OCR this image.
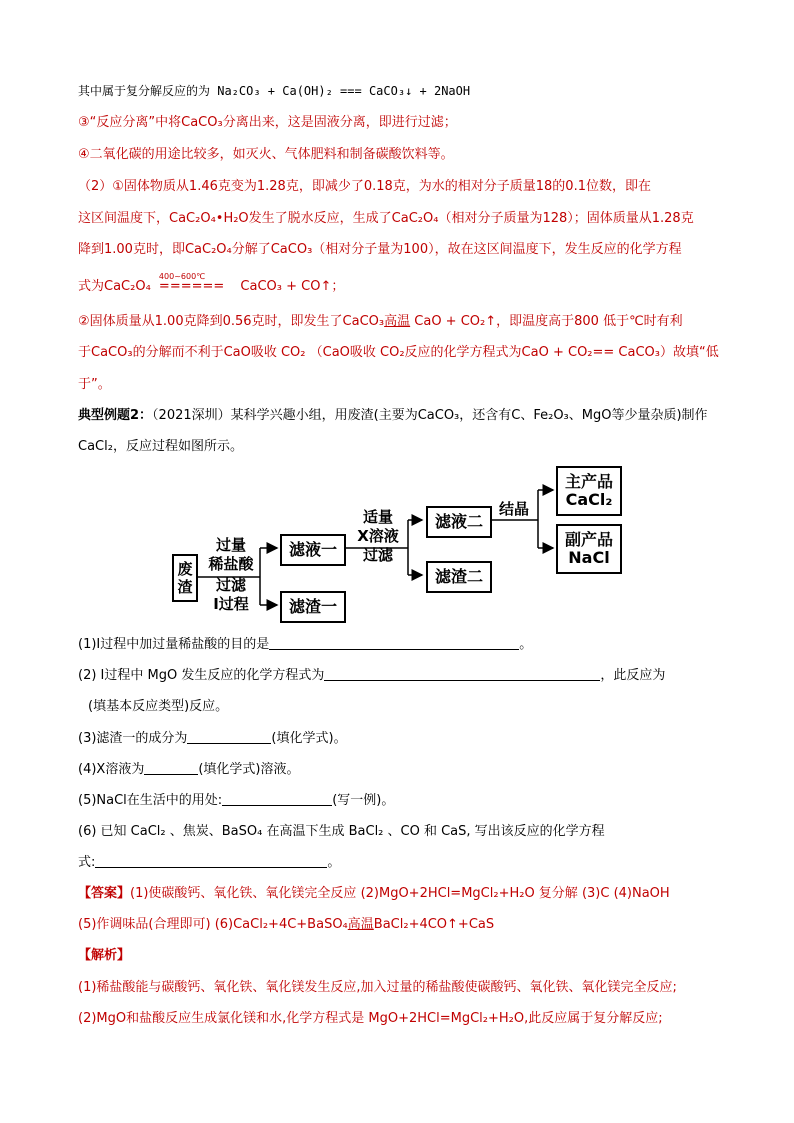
其中属于复分解反应的为 Na₂CO₃ + Ca(OH)₂ === CaCO₃↓ + 2NaOH
③“反应分离”中将CaCO₃分离出来，这是固液分离，即进行过滤；
④二氧化碳的用途比较多，如灭火、气体肥料和制备碳酸饮料等。
（2）①固体物质从1.46克变为1.28克，即减少了0.18克，为水的相对分子质量18的0.1位数，即在
这区间温度下，CaC₂O₄•H₂O发生了脱水反应，生成了CaC₂O₄（相对分子质量为128）；固体质量从1.28克
降到1.00克时，即CaC₂O₄分解了CaCO₃（相对分子量为100），故在这区间温度下，发生反应的化学方程
式为CaC₂O₄
400~600℃
====== CaCO₃ + CO↑；
②固体质量从1.00克降到0.56克时，即发生了CaCO₃高温 CaO + CO₂↑，即温度高于800 低于℃时有利
于CaCO₃的分解而不利于CaO吸收 CO₂ （CaO吸收 CO₂反应的化学方程式为CaO + CO₂== CaCO₃）故填“低
于”。
典型例题2：（2021深圳）某科学兴趣小组，用废渣(主要为CaCO₃，还含有C、Fe₂O₃、MgO等少量杂质)制作
CaCl₂，反应过程如图所示。
废
渣
过量
稀盐酸
过滤
Ⅰ过程
滤液一
滤渣一
适量
X溶液
过滤
滤液二
滤渣二
结晶
主产品
CaCl₂
副产品
NaCl
(1)Ⅰ过程中加过量稀盐酸的目的是	。
(2) Ⅰ过程中 MgO 发生反应的化学方程式为	，此反应为
(填基本反应类型)反应。
(3)滤渣一的成分为	(填化学式)。
(4)X溶液为	(填化学式)溶液。
(5)NaCl在生活中的用处:	(写一例)。
(6) 已知 CaCl₂ 、焦炭、BaSO₄ 在高温下生成 BaCl₂ 、CO 和 CaS, 写出该反应的化学方程
式:	。
【答案】(1)使碳酸钙、氧化铁、氧化镁完全反应 (2)MgO+2HCl=MgCl₂+H₂O 复分解 (3)C (4)NaOH
(5)作调味品(合理即可) (6)CaCl₂+4C+BaSO₄高温BaCl₂+4CO↑+CaS
【解析】
(1)稀盐酸能与碳酸钙、氧化铁、氧化镁发生反应,加入过量的稀盐酸使碳酸钙、氧化铁、氧化镁完全反应;
(2)MgO和盐酸反应生成氯化镁和水,化学方程式是 MgO+2HCl=MgCl₂+H₂O,此反应属于复分解反应;
